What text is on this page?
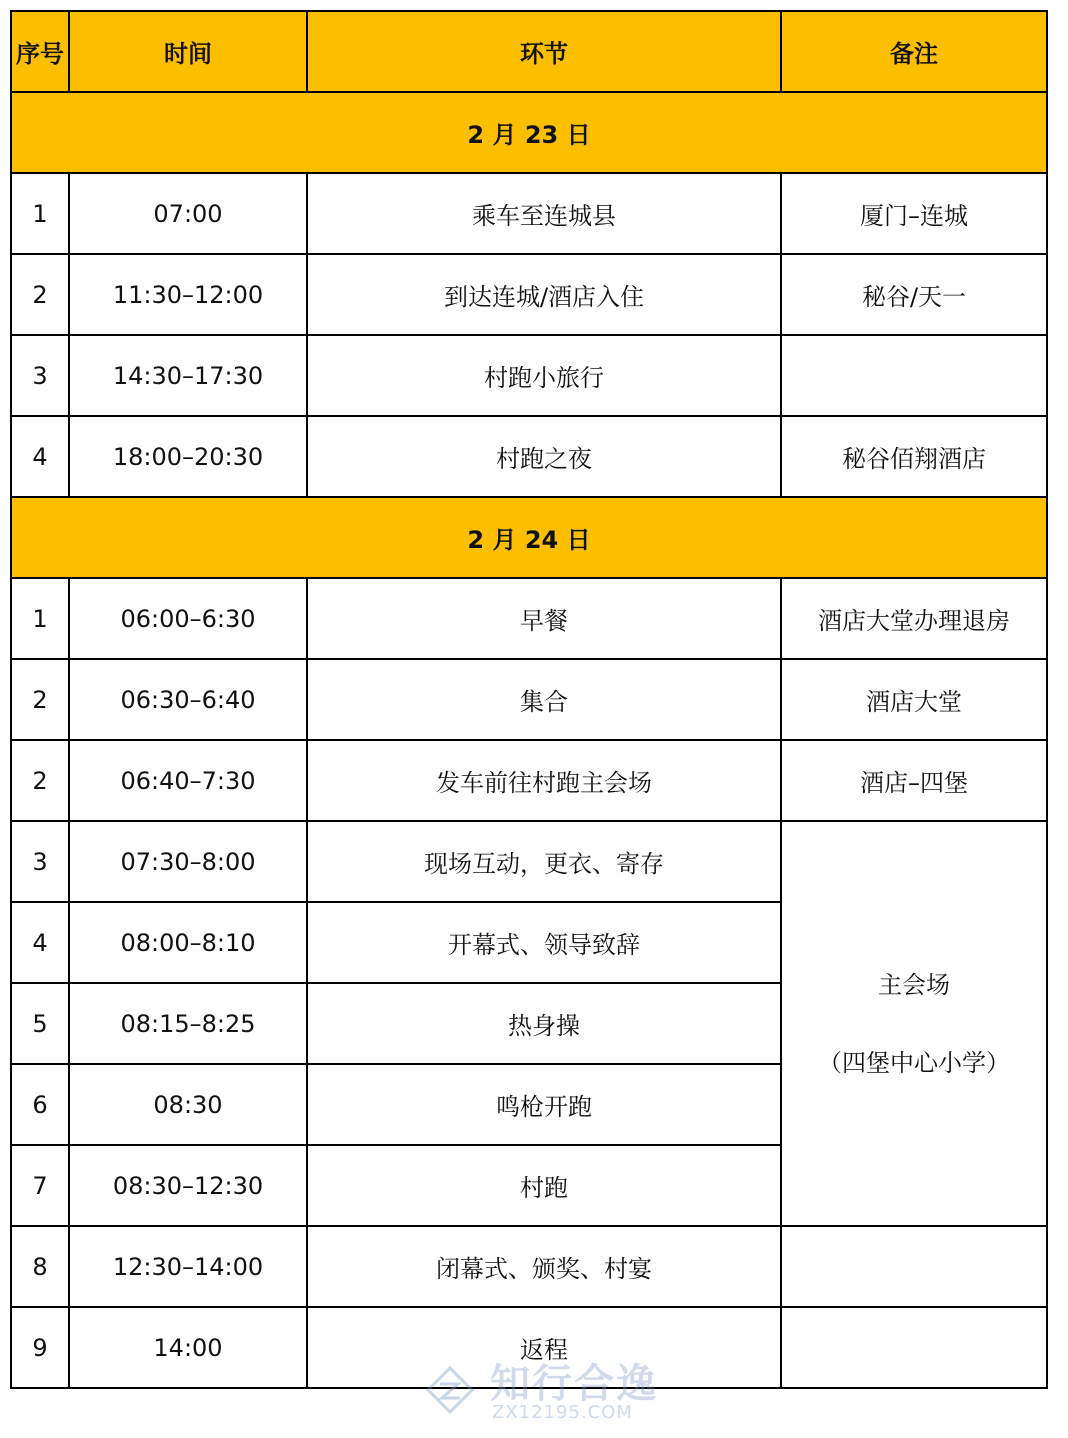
序号	时间	环节	备注
2 月 23 日			
1	07:00	乘车至连城县	厦门–连城
2	11:30–12:00	到达连城/酒店入住	秘谷/天一
3	14:30–17:30	村跑小旅行	
4	18:00–20:30	村跑之夜	秘谷佰翔酒店
2 月 24 日			
1	06:00–6:30	早餐	酒店大堂办理退房
2	06:30–6:40	集合	酒店大堂
2	06:40–7:30	发车前往村跑主会场	酒店–四堡
3	07:30–8:00	现场互动，更衣、寄存	主会场
（四堡中心小学）

4	08:00–8:10	开幕式、领导致辞	
5	08:15–8:25	热身操	
6	08:30	鸣枪开跑	
7	08:30–12:30	村跑	
8	12:30–14:00	闭幕式、颁奖、村宴	
9	14:00	返程	
知行合逸
ZX12195.COM
